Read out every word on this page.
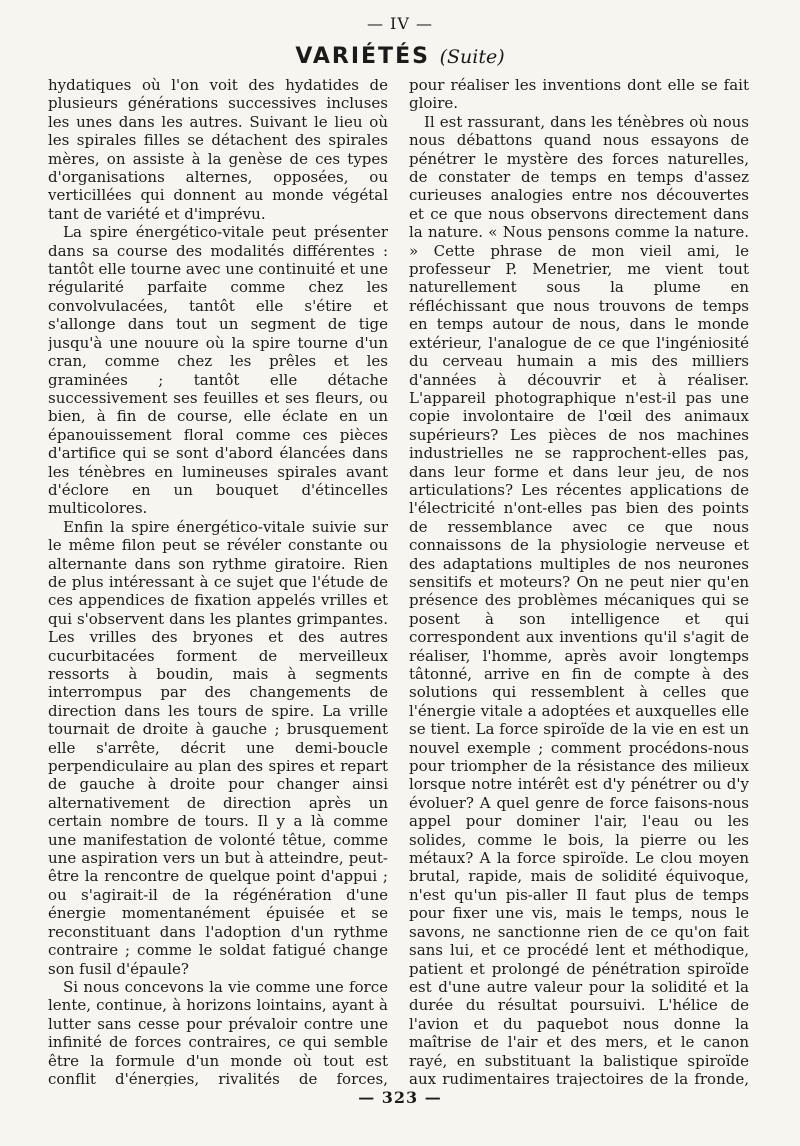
— IV —
VARIÉTÉS (Suite)

hydatiques où l'on voit des hydatides de plusieurs générations successives incluses les unes dans les autres. Suivant le lieu où les spirales filles se détachent des spirales mères, on assiste à la genèse de ces types d'organisations alternes, opposées, ou verticillées qui donnent au monde végétal tant de variété et d'imprévu.

La spire énergético-vitale peut présenter dans sa course des modalités différentes : tantôt elle tourne avec une continuité et une régularité parfaite comme chez les convolvulacées, tantôt elle s'étire et s'allonge dans tout un segment de tige jusqu'à une nouure où la spire tourne d'un cran, comme chez les prêles et les graminées ; tantôt elle détache successivement ses feuilles et ses fleurs, ou bien, à fin de course, elle éclate en un épanouissement floral comme ces pièces d'artifice qui se sont d'abord élancées dans les ténèbres en lumineuses spirales avant d'éclore en un bouquet d'étincelles multicolores.

Enfin la spire énergético-vitale suivie sur le même filon peut se révéler constante ou alternante dans son rythme giratoire. Rien de plus intéressant à ce sujet que l'étude de ces appendices de fixation appelés vrilles et qui s'observent dans les plantes grimpantes. Les vrilles des bryones et des autres cucurbitacées forment de merveilleux ressorts à boudin, mais à segments interrompus par des changements de direction dans les tours de spire. La vrille tournait de droite à gauche ; brusquement elle s'arrête, décrit une demi-boucle perpendiculaire au plan des spires et repart de gauche à droite pour changer ainsi alternativement de direction après un certain nombre de tours. Il y a là comme une manifestation de volonté têtue, comme une aspiration vers un but à atteindre, peut-être la rencontre de quelque point d'appui ; ou s'agirait-il de la régénération d'une énergie momentanément épuisée et se reconstituant dans l'adoption d'un rythme contraire ; comme le soldat fatigué change son fusil d'épaule?

Si nous concevons la vie comme une force lente, continue, à horizons lointains, ayant à lutter sans cesse pour prévaloir contre une infinité de forces contraires, ce qui semble être la formule d'un monde où tout est conflit d'énergies, rivalités de forces,

pour réaliser les inventions dont elle se fait gloire.

Il est rassurant, dans les ténèbres où nous nous débattons quand nous essayons de pénétrer le mystère des forces naturelles, de constater de temps en temps d'assez curieuses analogies entre nos découvertes et ce que nous observons directement dans la nature. « Nous pensons comme la nature. » Cette phrase de mon vieil ami, le professeur P. Menetrier, me vient tout naturellement sous la plume en réfléchissant que nous trouvons de temps en temps autour de nous, dans le monde extérieur, l'analogue de ce que l'ingéniosité du cerveau humain a mis des milliers d'années à découvrir et à réaliser. L'appareil photographique n'est-il pas une copie involontaire de l'œil des animaux supérieurs? Les pièces de nos machines industrielles ne se rapprochent-elles pas, dans leur forme et dans leur jeu, de nos articulations? Les récentes applications de l'électricité n'ont-elles pas bien des points de ressemblance avec ce que nous connaissons de la physiologie nerveuse et des adaptations multiples de nos neurones sensitifs et moteurs? On ne peut nier qu'en présence des problèmes mécaniques qui se posent à son intelligence et qui correspondent aux inventions qu'il s'agit de réaliser, l'homme, après avoir longtemps tâtonné, arrive en fin de compte à des solutions qui ressemblent à celles que l'énergie vitale a adoptées et auxquelles elle se tient. La force spiroïde de la vie en est un nouvel exemple ; comment procédons-nous pour triompher de la résistance des milieux lorsque notre intérêt est d'y pénétrer ou d'y évoluer? A quel genre de force faisons-nous appel pour dominer l'air, l'eau ou les solides, comme le bois, la pierre ou les métaux? A la force spiroïde. Le clou moyen brutal, rapide, mais de solidité équivoque, n'est qu'un pis-aller Il faut plus de temps pour fixer une vis, mais le temps, nous le savons, ne sanctionne rien de ce qu'on fait sans lui, et ce procédé lent et méthodique, patient et prolongé de pénétration spiroïde est d'une autre valeur pour la solidité et la durée du résultat poursuivi. L'hélice de l'avion et du paquebot nous donne la maîtrise de l'air et des mers, et le canon rayé, en substituant la balistique spiroïde aux rudimentaires trajectoires de la fronde,

— 323 —
